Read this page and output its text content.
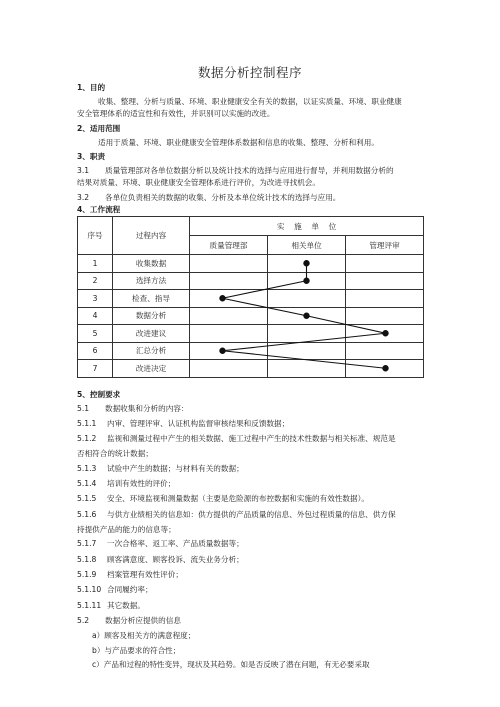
数据分析控制程序
1、目的
收集、整理、分析与质量、环境、职业健康安全有关的数据，以证实质量、环境、职业健康
安全管理体系的适宜性和有效性，并识别可以实施的改进。
2、适用范围
适用于质量、环境、职业健康安全管理体系数据和信息的收集、整理、分析和利用。
3、职责
3.1 质量管理部对各单位数据分析以及统计技术的选择与应用进行督导，并利用数据分析的
结果对质量、环境、职业健康安全管理体系进行评价，为改进寻找机会。
3.2 各单位负责相关的数据的收集、分析及本单位统计技术的选择与应用。
4、工作流程
序号	过程内容	实    施    单    位		
		质量管理部	相关单位	管理评审
1	收集数据			
2	选择方法			
3	检查、指导			
4	数据分析			
5	改进建议			
6	汇总分析			
7	改进决定			
5、控制要求
5.1 数据收集和分析的内容：
5.1.1 内审、管理评审、认证机构监督审核结果和反馈数据；
5.1.2 监视和测量过程中产生的相关数据、施工过程中产生的技术性数据与相关标准、规范是
否相符合的统计数据；
5.1.3 试验中产生的数据；与材料有关的数据；
5.1.4 培训有效性的评价；
5.1.5 安全、环境监视和测量数据（主要是危险源的布控数据和实施的有效性数据）。
5.1.6 与供方业绩相关的信息如：供方提供的产品质量的信息、外包过程质量的信息、供方保
持提供产品的能力的信息等；
5.1.7 一次合格率、返工率、产品质量数据等；
5.1.8 顾客满意度、顾客投诉、流失业务分析；
5.1.9 档案管理有效性评价；
5.1.10 合同履约率；
5.1.11 其它数据。
5.2 数据分析应提供的信息
a）顾客及相关方的满意程度；
b）与产品要求的符合性；
c）产品和过程的特性变异，现状及其趋势。如是否反映了潜在问题，有无必要采取
